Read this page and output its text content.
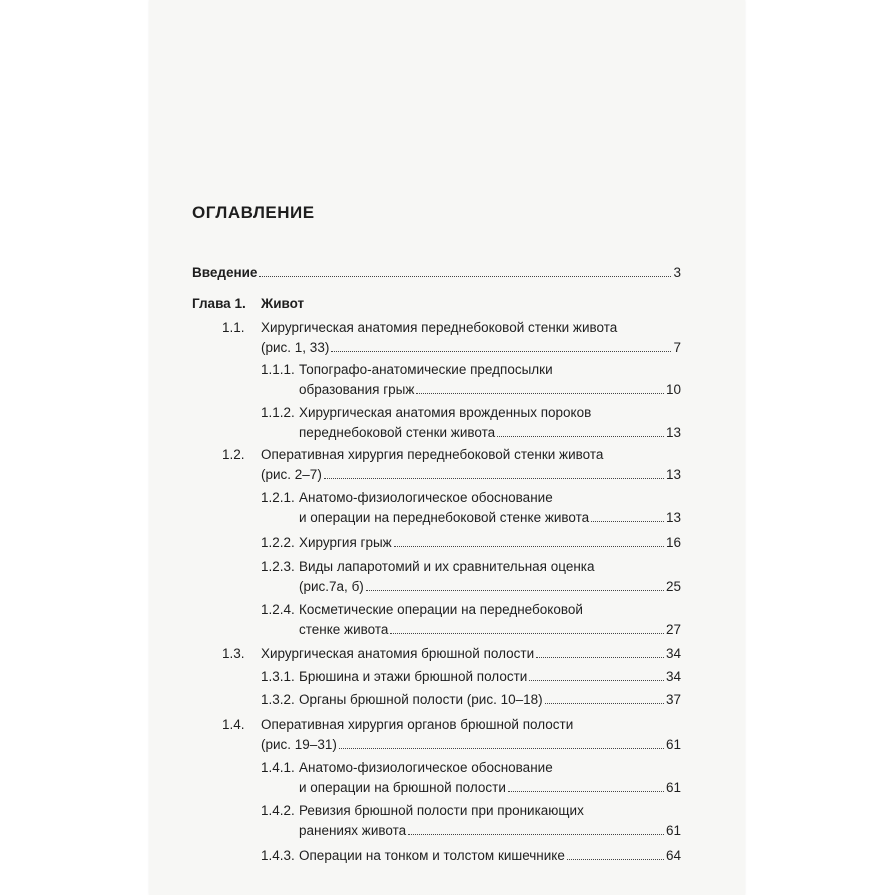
ОГЛАВЛЕНИЕ
Введение	3
Глава 1. Живот
1.1. Хирургическая анатомия переднебоковой стенки живота
(рис. 1, 33)	7
1.1.1. Топографо-анатомические предпосылки
образования грыж	10
1.1.2. Хирургическая анатомия врожденных пороков
переднебоковой стенки живота	13
1.2. Оперативная хирургия переднебоковой стенки живота
(рис. 2–7)	13
1.2.1. Анатомо-физиологическое обоснование
и операции на переднебоковой стенке живота	13
1.2.2. Хирургия грыж	16
1.2.3. Виды лапаротомий и их сравнительная оценка
(рис.7а, б)	25
1.2.4. Косметические операции на переднебоковой
стенке живота	27
1.3. Хирургическая анатомия брюшной полости	34
1.3.1. Брюшина и этажи брюшной полости	34
1.3.2. Органы брюшной полости (рис. 10–18)	37
1.4. Оперативная хирургия органов брюшной полости
(рис. 19–31)	61
1.4.1. Анатомо-физиологическое обоснование
и операции на брюшной полости	61
1.4.2. Ревизия брюшной полости при проникающих
ранениях живота	61
1.4.3. Операции на тонком и толстом кишечнике	64
